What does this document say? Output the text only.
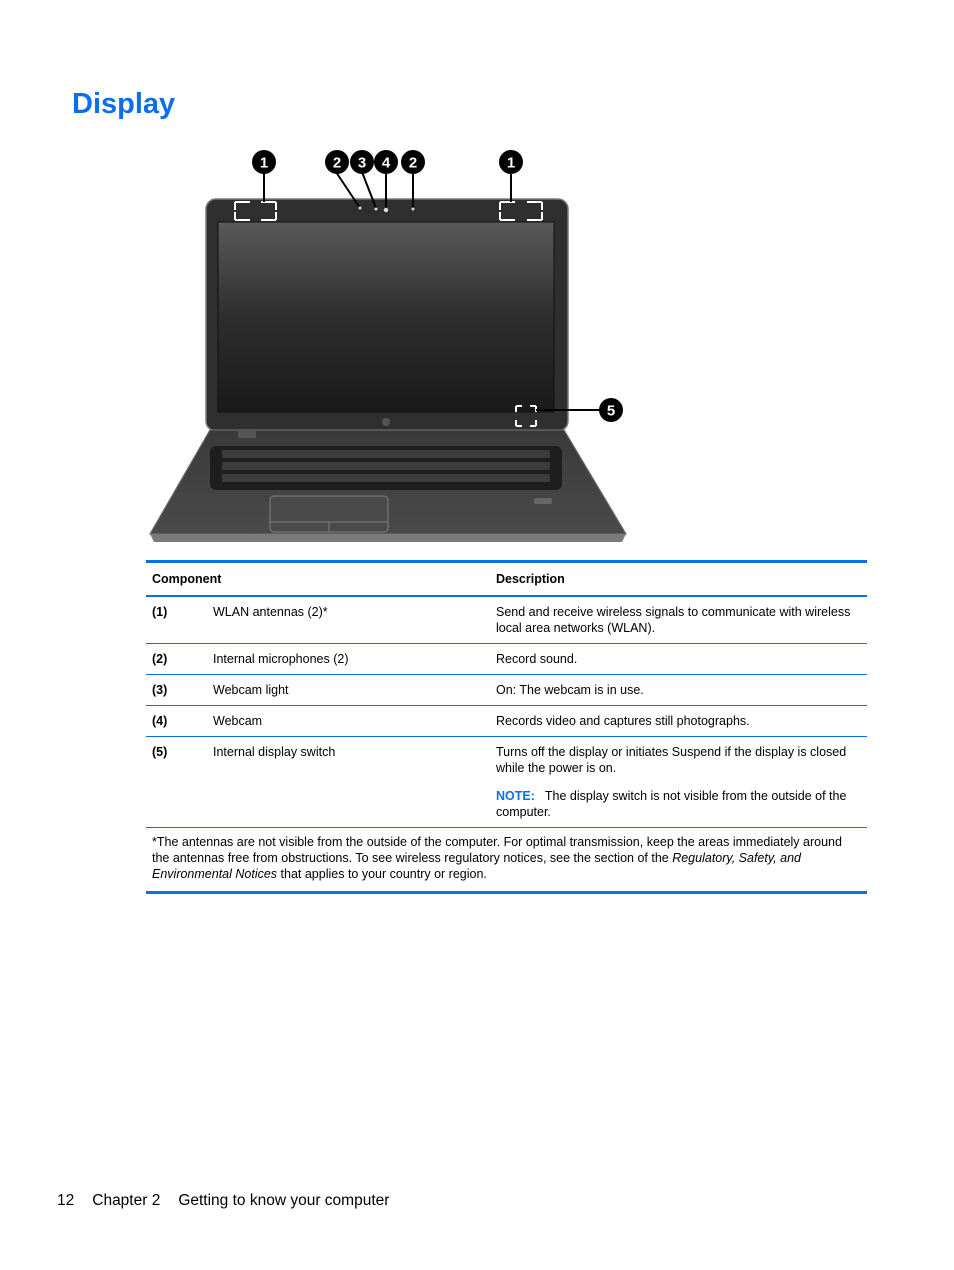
Display
1	2 3 4 2	1
5
Component		Description
(1)	WLAN antennas (2)*	Send and receive wireless signals to communicate with wireless local area networks (WLAN).
(2)	Internal microphones (2)	Record sound.
(3)	Webcam light	On: The webcam is in use.
(4)	Webcam	Records video and captures still photographs.
(5)	Internal display switch	Turns off the display or initiates Suspend if the display is closed while the power is on.
NOTE: The display switch is not visible from the outside of the computer.

*The antennas are not visible from the outside of the computer. For optimal transmission, keep the areas immediately around the antennas free from obstructions. To see wireless regulatory notices, see the section of the Regulatory, Safety, and Environmental Notices that applies to your country or region.		
12 Chapter 2 Getting to know your computer
